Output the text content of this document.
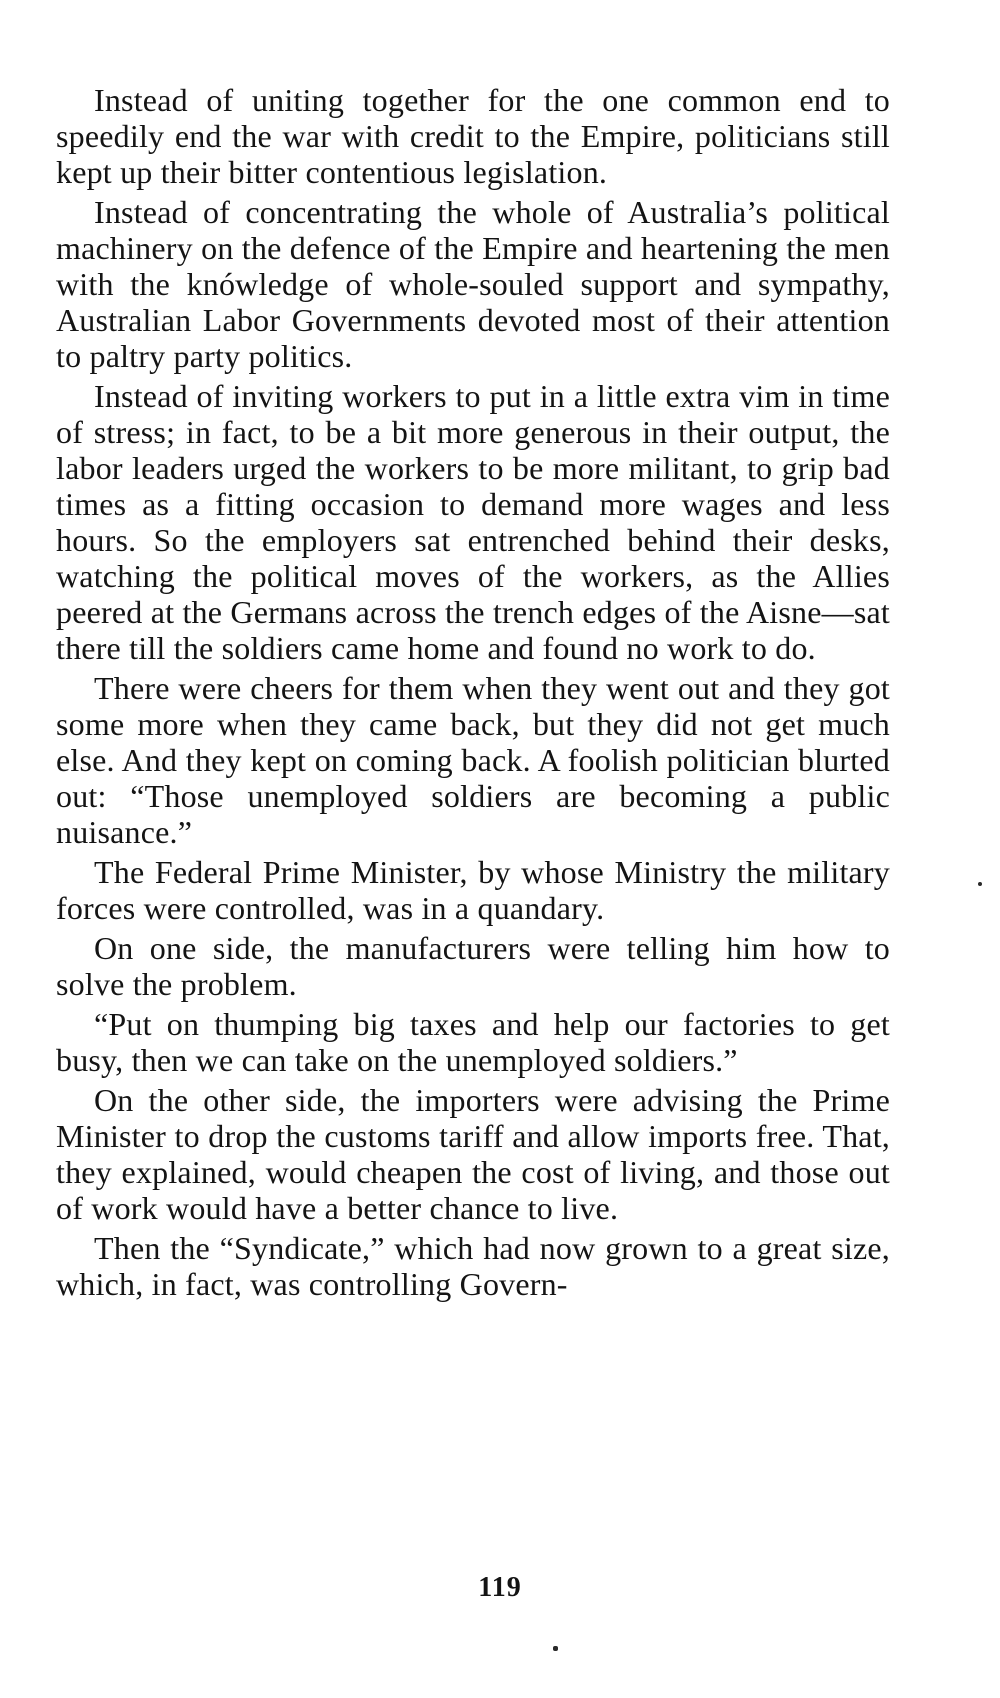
Instead of uniting together for the one common end to speedily end the war with credit to the Empire, politicians still kept up their bitter contentious legislation.

Instead of concentrating the whole of Australia’s political machinery on the defence of the Empire and heartening the men with the knówledge of whole-souled support and sympathy, Australian Labor Governments devoted most of their attention to paltry party politics.

Instead of inviting workers to put in a little extra vim in time of stress; in fact, to be a bit more generous in their output, the labor leaders urged the workers to be more militant, to grip bad times as a fitting occasion to demand more wages and less hours. So the employers sat entrenched behind their desks, watching the political moves of the workers, as the Allies peered at the Germans across the trench edges of the Aisne—sat there till the soldiers came home and found no work to do.

There were cheers for them when they went out and they got some more when they came back, but they did not get much else. And they kept on coming back. A foolish politician blurted out: “Those unemployed soldiers are becoming a public nuisance.”

The Federal Prime Minister, by whose Ministry the military forces were controlled, was in a quandary.

On one side, the manufacturers were telling him how to solve the problem.

“Put on thumping big taxes and help our factories to get busy, then we can take on the unemployed soldiers.”

On the other side, the importers were advising the Prime Minister to drop the customs tariff and allow imports free. That, they explained, would cheapen the cost of living, and those out of work would have a better chance to live.

Then the “Syndicate,” which had now grown to a great size, which, in fact, was controlling Govern-

119
